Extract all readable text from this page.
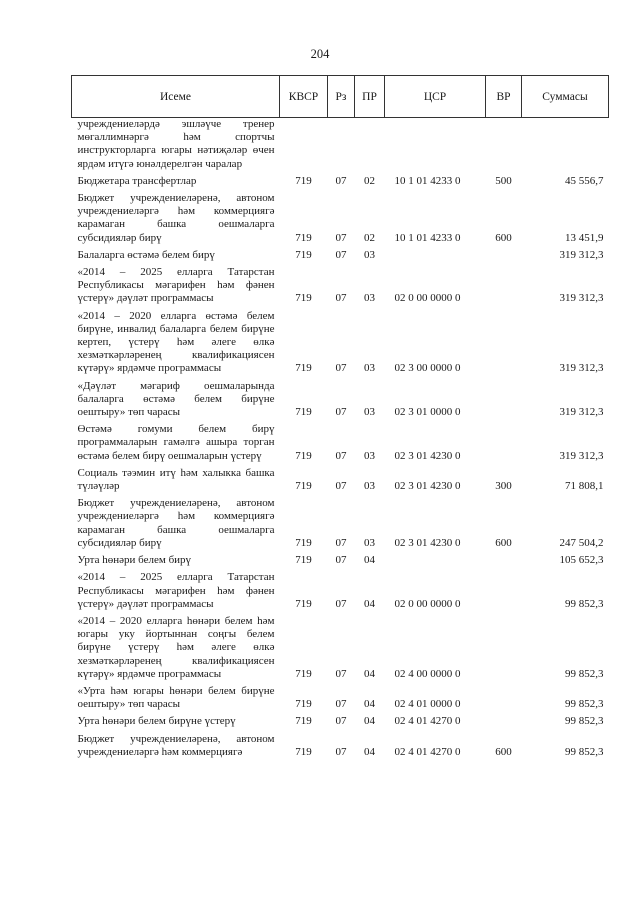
204
Исеме	КВСР	Рз	ПР	ЦСР	ВР	Суммасы
учреждениеләрдә эшләүче тренер мөгаллимнәргә һәм спортчы инструкторларга югары нәтиҗәләр өчен ярдәм итүгә юнәлдерелгән чаралар						
Бюджетара трансфертлар	719	07	02	10 1 01 4233 0	500	45 556,7
Бюджет учреждениеләренә, автоном учреждениеләргә һәм коммерциягә карамаган башка оешмаларга субсидияләр бирү	719	07	02	10 1 01 4233 0	600	13 451,9
Балаларга өстәмә белем бирү	719	07	03			319 312,3
«2014 – 2025 елларга Татарстан Республикасы мәгарифен һәм фәнен үстерү» дәүләт программасы	719	07	03	02 0 00 0000 0		319 312,3
«2014 – 2020 елларга өстәмә белем бирүне, инвалид балаларга белем бирүне кертеп, үстерү һәм әлеге өлкә хезмәткәрләренең квалификациясен күтәрү» ярдәмче программасы	719	07	03	02 3 00 0000 0		319 312,3
«Дәүләт мәгариф оешмаларында балаларга өстәмә белем бирүне оештыру» төп чарасы	719	07	03	02 3 01 0000 0		319 312,3
Өстәмә гомуми белем бирү программаларын гамәлгә ашыра торган өстәмә белем бирү оешмаларын үстерү	719	07	03	02 3 01 4230 0		319 312,3
Социаль тәэмин итү һәм халыкка башка түләүләр	719	07	03	02 3 01 4230 0	300	71 808,1
Бюджет учреждениеләренә, автоном учреждениеләргә һәм коммерциягә карамаган башка оешмаларга субсидияләр бирү	719	07	03	02 3 01 4230 0	600	247 504,2
Урта һөнәри белем бирү	719	07	04			105 652,3
«2014 – 2025 елларга Татарстан Республикасы мәгарифен һәм фәнен үстерү» дәүләт программасы	719	07	04	02 0 00 0000 0		99 852,3
«2014 – 2020 елларга һөнәри белем һәм югары уку йортыннан соңгы белем бирүне үстерү һәм әлеге өлкә хезмәткәрләренең квалификациясен күтәрү» ярдәмче программасы	719	07	04	02 4 00 0000 0		99 852,3
«Урта һәм югары һөнәри белем бирүне оештыру» төп чарасы	719	07	04	02 4 01 0000 0		99 852,3
Урта һөнәри белем бирүне үстерү	719	07	04	02 4 01 4270 0		99 852,3
Бюджет учреждениеләренә, автоном учреждениеләргә һәм коммерциягә	719	07	04	02 4 01 4270 0	600	99 852,3
